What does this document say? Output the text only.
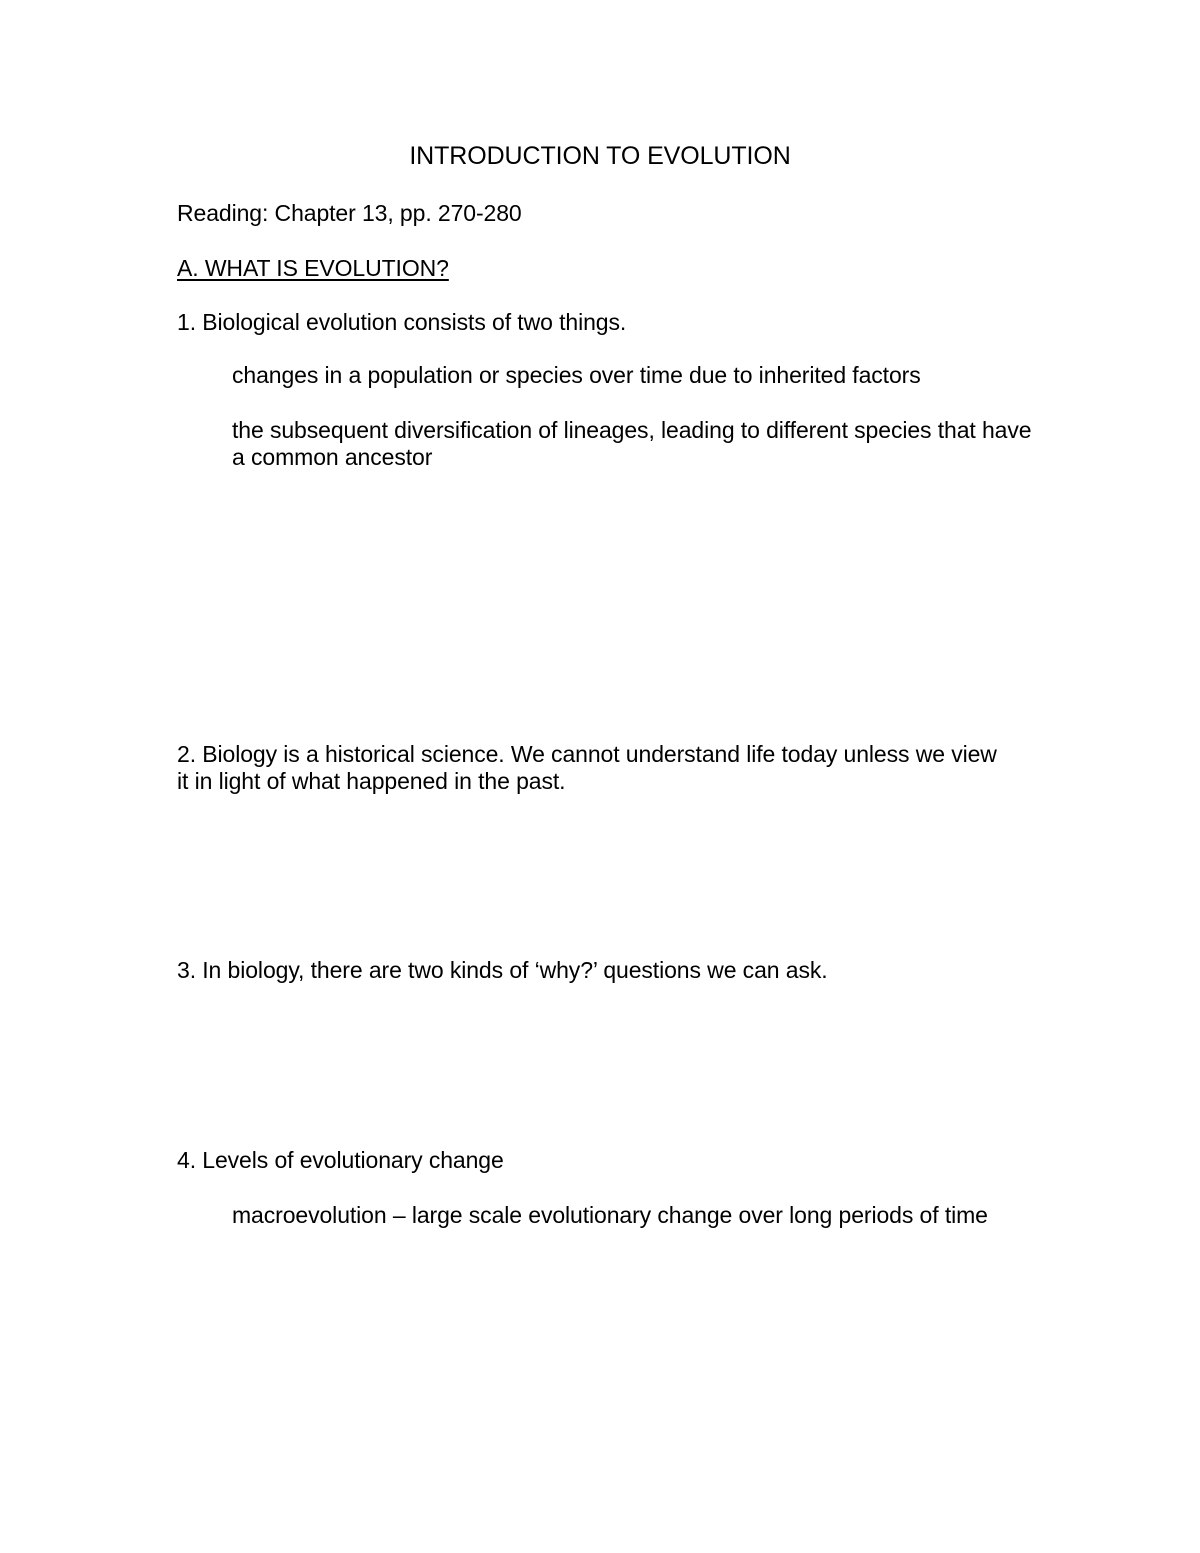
INTRODUCTION TO EVOLUTION

Reading: Chapter 13, pp. 270-280

A. WHAT IS EVOLUTION?

1. Biological evolution consists of two things.

changes in a population or species over time due to inherited factors

the subsequent diversification of lineages, leading to different species that have a common ancestor

2. Biology is a historical science. We cannot understand life today unless we view it in light of what happened in the past.

3. In biology, there are two kinds of ‘why?’ questions we can ask.

4. Levels of evolutionary change

macroevolution – large scale evolutionary change over long periods of time
